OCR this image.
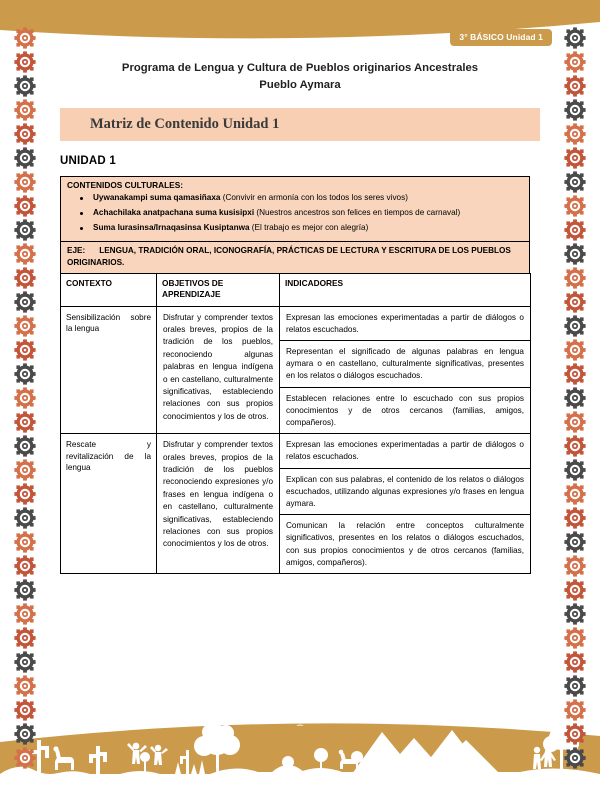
3° BÁSICO Unidad 1
Programa de Lengua y Cultura de Pueblos originarios Ancestrales
Pueblo Aymara
Matriz de Contenido Unidad 1
UNIDAD 1
CONTENIDOS CULTURALES:
Uywanakampi suma qamasiñaxa (Convivir en armonía con los todos los seres vivos)
Achachilaka anatpachana suma kusisipxi (Nuestros ancestros son felices en tiempos de carnaval)
Suma lurasinsa/Irnaqasinsa Kusiptanwa (El trabajo es mejor con alegría)

EJE: LENGUA, TRADICIÓN ORAL, ICONOGRAFÍA, PRÁCTICAS DE LECTURA Y ESCRITURA DE LOS PUEBLOS ORIGINARIOS.
CONTEXTO	OBJETIVOS DE APRENDIZAJE	INDICADORES
Sensibilización sobre la lengua	Disfrutar y comprender textos orales breves, propios de la tradición de los pueblos, reconociendo algunas palabras en lengua indígena o en castellano, culturalmente significativas, estableciendo relaciones con sus propios conocimientos y los de otros.	Expresan las emociones experimentadas a partir de diálogos o relatos escuchados.
		Representan el significado de algunas palabras en lengua aymara o en castellano, culturalmente significativas, presentes en los relatos o diálogos escuchados.
		Establecen relaciones entre lo escuchado con sus propios conocimientos y de otros cercanos (familias, amigos, compañeros).
Rescate y revitalización de la lengua	Disfrutar y comprender textos orales breves, propios de la tradición de los pueblos reconociendo expresiones y/o frases en lengua indígena o en castellano, culturalmente significativas, estableciendo relaciones con sus propios conocimientos y los de otros.	Expresan las emociones experimentadas a partir de diálogos o relatos escuchados.
		Explican con sus palabras, el contenido de los relatos o diálogos escuchados, utilizando algunas expresiones y/o frases en lengua aymara.
		Comunican la relación entre conceptos culturalmente significativos, presentes en los relatos o diálogos escuchados, con sus propios conocimientos y de otros cercanos (familias, amigos, compañeros).
